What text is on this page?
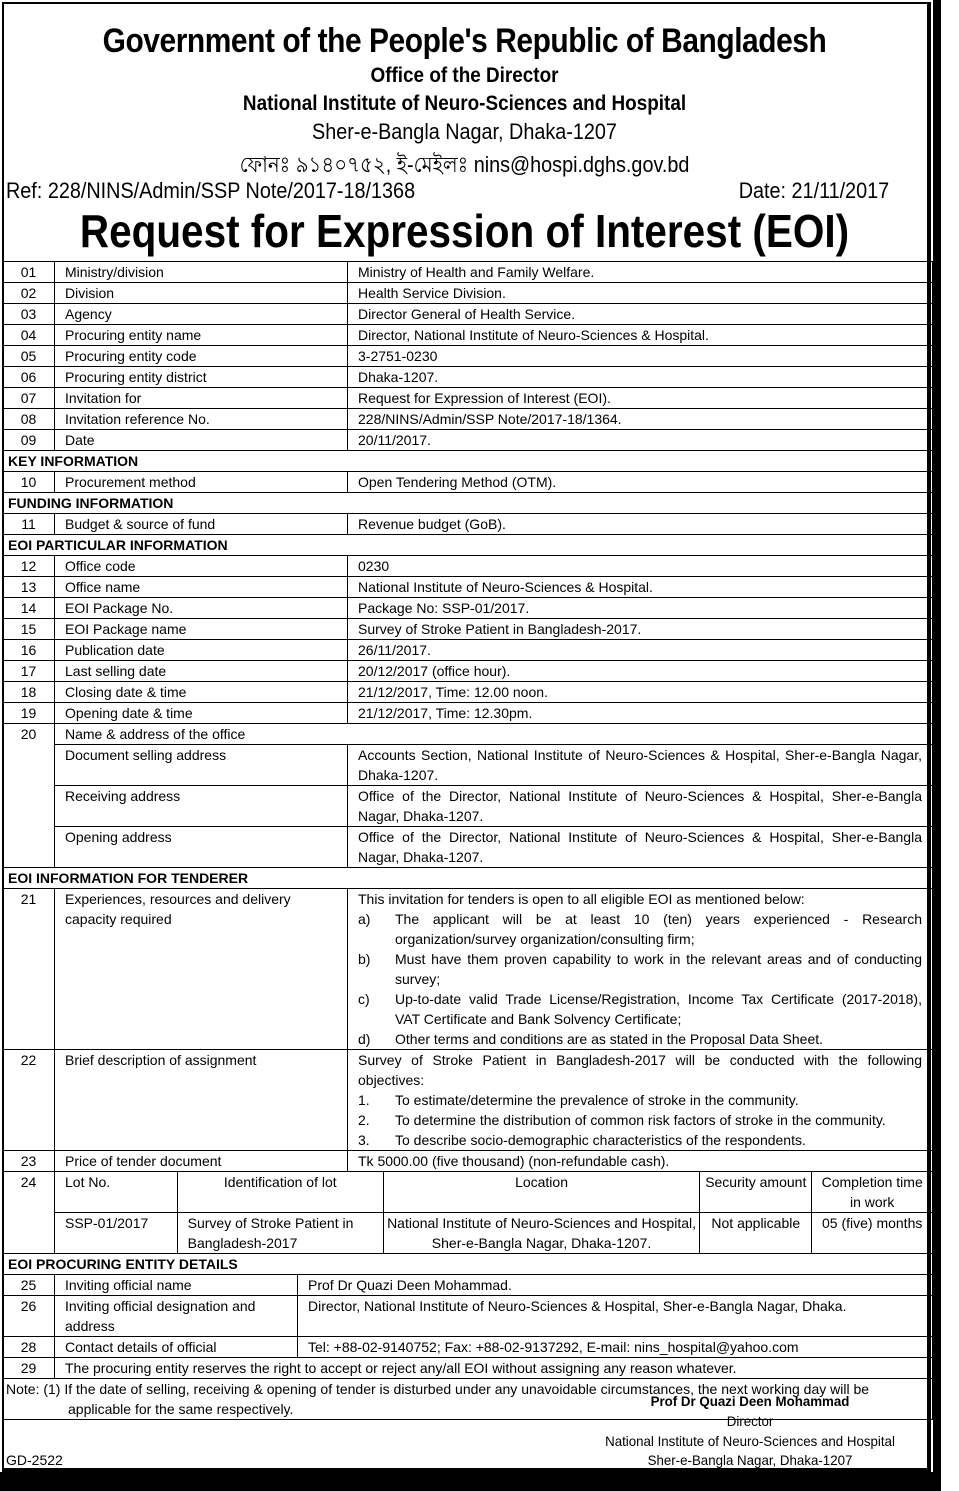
Government of the People's Republic of Bangladesh
Office of the Director
National Institute of Neuro-Sciences and Hospital
Sher-e-Bangla Nagar, Dhaka-1207
ফোনঃ ৯১৪০৭৫২, ই-মেইলঃ nins@hospi.dghs.gov.bd
Ref: 228/NINS/Admin/SSP Note/2017-18/1368	Date: 21/11/2017
Request for Expression of Interest (EOI)
01	Ministry/division	Ministry of Health and Family Welfare.
02	Division	Health Service Division.
03	Agency	Director General of Health Service.
04	Procuring entity name	Director, National Institute of Neuro-Sciences & Hospital.
05	Procuring entity code	3-2751-0230
06	Procuring entity district	Dhaka-1207.
07	Invitation for	Request for Expression of Interest (EOI).
08	Invitation reference No.	228/NINS/Admin/SSP Note/2017-18/1364.
09	Date	20/11/2017.
KEY INFORMATION
10	Procurement method	Open Tendering Method (OTM).
FUNDING INFORMATION
11	Budget & source of fund	Revenue budget (GoB).
EOI PARTICULAR INFORMATION
12	Office code	0230
13	Office name	National Institute of Neuro-Sciences & Hospital.
14	EOI Package No.	Package No: SSP-01/2017.
15	EOI Package name	Survey of Stroke Patient in Bangladesh-2017.
16	Publication date	26/11/2017.
17	Last selling date	20/12/2017 (office hour).
18	Closing date & time	21/12/2017, Time: 12.00 noon.
19	Opening date & time	21/12/2017, Time: 12.30pm.
20	Name & address of the office
Document selling address	Accounts Section, National Institute of Neuro-Sciences & Hospital, Sher-e-Bangla Nagar, Dhaka-1207.
Receiving address	Office of the Director, National Institute of Neuro-Sciences & Hospital, Sher-e-Bangla Nagar, Dhaka-1207.
Opening address	Office of the Director, National Institute of Neuro-Sciences & Hospital, Sher-e-Bangla Nagar, Dhaka-1207.
EOI INFORMATION FOR TENDERER
21	Experiences, resources and delivery capacity required	
This invitation for tenders is open to all eligible EOI as mentioned below:
a)	The applicant will be at least 10 (ten) years experienced - Research organization/survey organization/consulting firm;
b)	Must have them proven capability to work in the relevant areas and of conducting survey;
c)	Up-to-date valid Trade License/Registration, Income Tax Certificate (2017-2018), VAT Certificate and Bank Solvency Certificate;
d)	Other terms and conditions are as stated in the Proposal Data Sheet.

22	Brief description of assignment	Survey of Stroke Patient in Bangladesh-2017 will be conducted with the following objectives:
1.	To estimate/determine the prevalence of stroke in the community.
2.	To determine the distribution of common risk factors of stroke in the community.
3.	To describe socio-demographic characteristics of the respondents.

23	Price of tender document	Tk 5000.00 (five thousand) (non-refundable cash).
24	Lot No.	Identification of lot	Location	Security amount	Completion time in work
SSP-01/2017	Survey of Stroke Patient in Bangladesh-2017	National Institute of Neuro-Sciences and Hospital, Sher-e-Bangla Nagar, Dhaka-1207.	Not applicable	05 (five) months

EOI PROCURING ENTITY DETAILS
25	Inviting official name	Prof Dr Quazi Deen Mohammad.
26	Inviting official designation and address	Director, National Institute of Neuro-Sciences & Hospital, Sher-e-Bangla Nagar, Dhaka.
28	Contact details of official	Tel: +88-02-9140752; Fax: +88-02-9137292, E-mail: nins_hospital@yahoo.com
29	The procuring entity reserves the right to accept or reject any/all EOI without assigning any reason whatever.

Note: (1) If the date of selling, receiving & opening of tender is disturbed under any unavoidable circumstances, the next working day will be
applicable for the same respectively.	Prof Dr Quazi Deen Mohammad
Director
National Institute of Neuro-Sciences and Hospital
Sher-e-Bangla Nagar, Dhaka-1207
GD-2522
